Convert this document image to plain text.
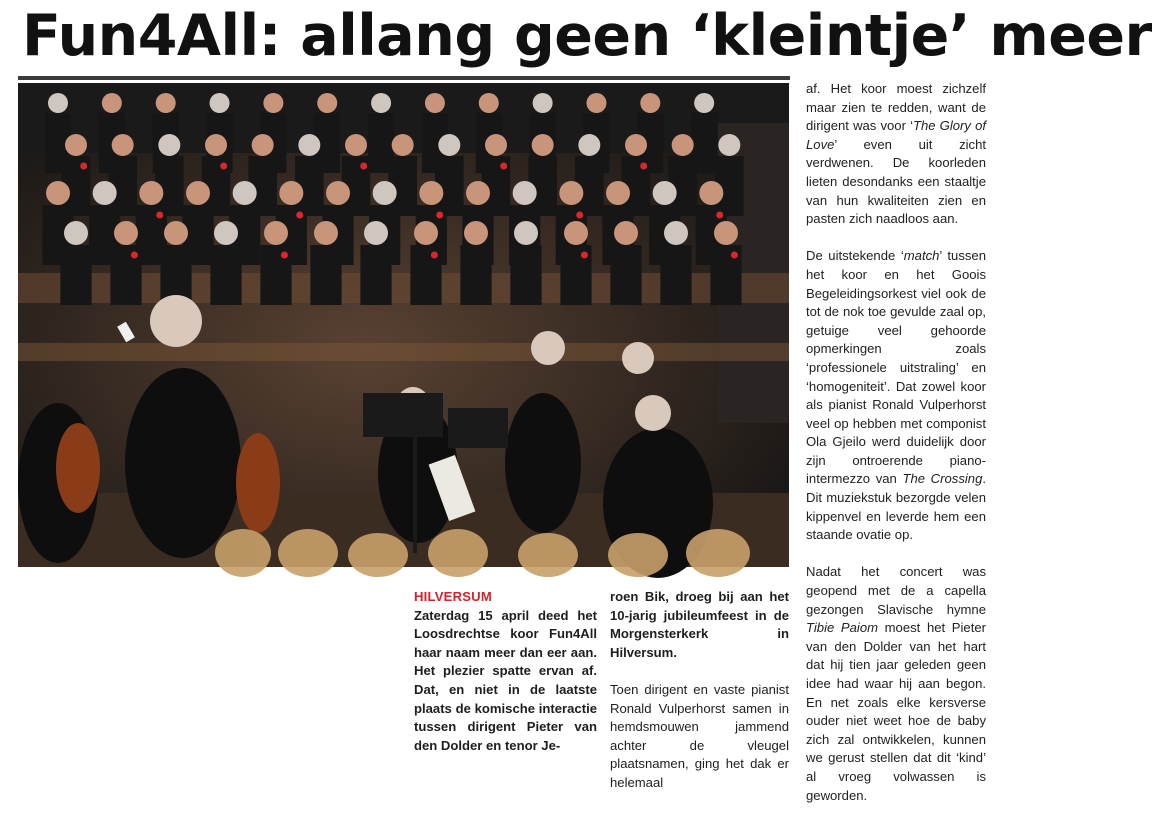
Fun4All: allang geen ‘kleintje’ meer
HILVERSUM

Zaterdag 15 april deed het Loosdrechtse koor Fun4All haar naam meer dan eer aan. Het plezier spatte ervan af. Dat, en niet in de laatste plaats de komische interactie tussen dirigent Pieter van den Dolder en tenor Je-

roen Bik, droeg bij aan het 10-jarig jubileumfeest in de Morgensterkerk in Hilversum.

Toen dirigent en vaste pianist Ronald Vulperhorst samen in hemdsmouwen jammend achter de vleugel plaatsnamen, ging het dak er helemaal

af. Het koor moest zichzelf maar zien te redden, want de dirigent was voor ‘The Glory of Love’ even uit zicht verdwenen. De koorleden lieten desondanks een staaltje van hun kwaliteiten zien en pasten zich naadloos aan.

De uitstekende ‘match’ tussen het koor en het Goois Begeleidingsorkest viel ook de tot de nok toe gevulde zaal op, getuige veel gehoorde opmerkingen zoals ‘professionele uitstraling’ en ‘homogeniteit’. Dat zowel koor als pianist Ronald Vulperhorst veel op hebben met componist Ola Gjeilo werd duidelijk door zijn ontroerende piano-intermezzo van The Crossing. Dit muziekstuk bezorgde velen kippenvel en leverde hem een staande ovatie op.

Nadat het concert was geopend met de a capella gezongen Slavische hymne Tibie Paiom moest het Pieter van den Dolder van het hart dat hij tien jaar geleden geen idee had waar hij aan begon. En net zoals elke kersverse ouder niet weet hoe de baby zich zal ontwikkelen, kunnen we gerust stellen dat dit ‘kind’ al vroeg volwassen is geworden.
